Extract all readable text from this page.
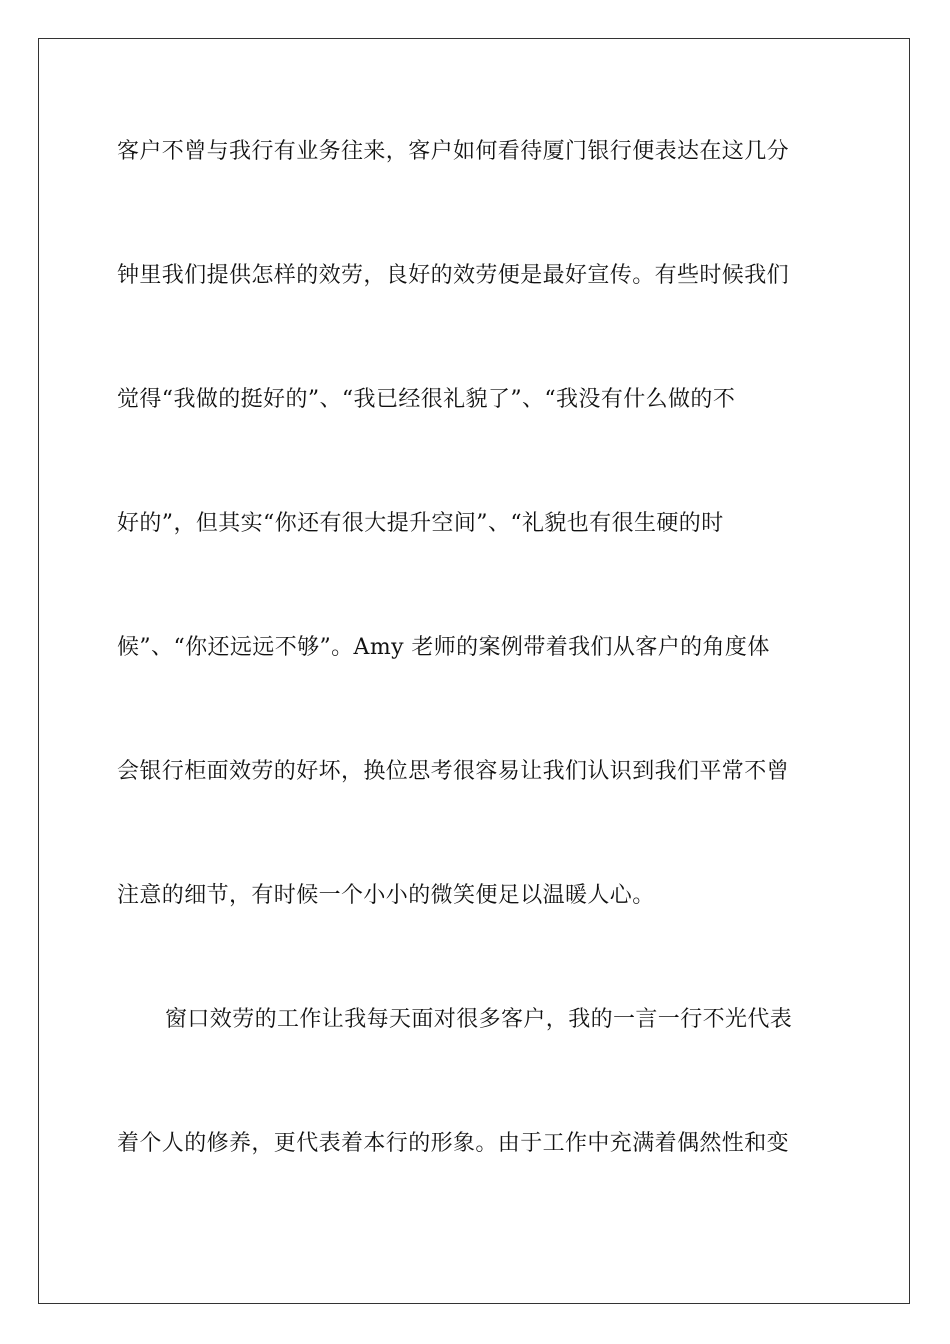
客户不曾与我行有业务往来，客户如何看待厦门银行便表达在这几分
钟里我们提供怎样的效劳，良好的效劳便是最好宣传。有些时候我们
觉得“我做的挺好的”、“我已经很礼貌了”、“我没有什么做的不
好的”，但其实“你还有很大提升空间”、“礼貌也有很生硬的时
候”、“你还远远不够”。Amy 老师的案例带着我们从客户的角度体
会银行柜面效劳的好坏，换位思考很容易让我们认识到我们平常不曾
注意的细节，有时候一个小小的微笑便足以温暖人心。
窗口效劳的工作让我每天面对很多客户，我的一言一行不光代表
着个人的修养，更代表着本行的形象。由于工作中充满着偶然性和变
